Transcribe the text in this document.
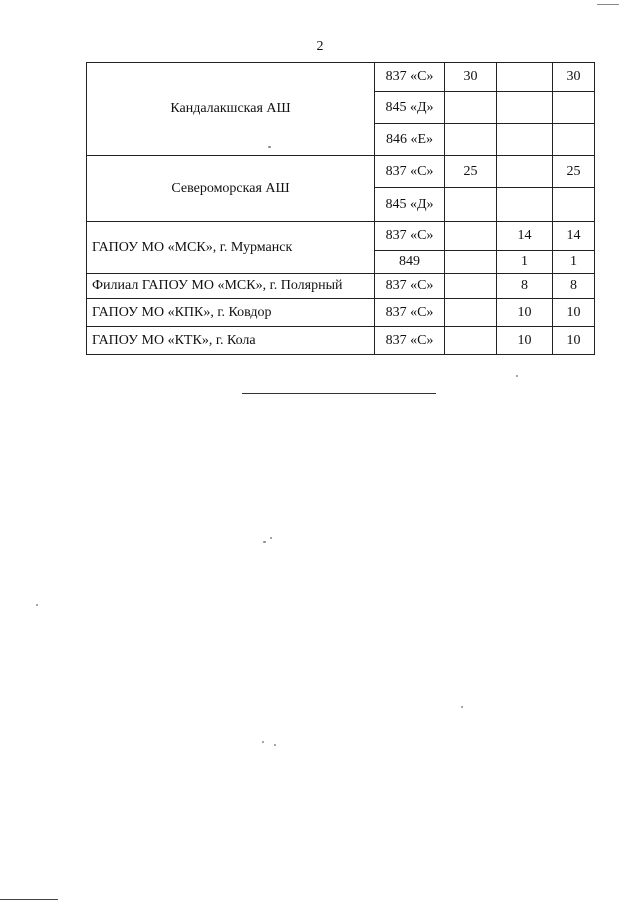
2
Кандалакшская АШ	837 «С»	30		30
	845 «Д»			
	846 «Е»			
Североморская АШ	837 «С»	25		25
	845 «Д»			
ГАПОУ МО «МСК», г. Мурманск	837 «С»		14	14
	849		1	1
Филиал ГАПОУ МО «МСК», г. Полярный	837 «С»		8	8
ГАПОУ МО «КПК», г. Ковдор	837 «С»		10	10
ГАПОУ МО «КТК», г. Кола	837 «С»		10	10
